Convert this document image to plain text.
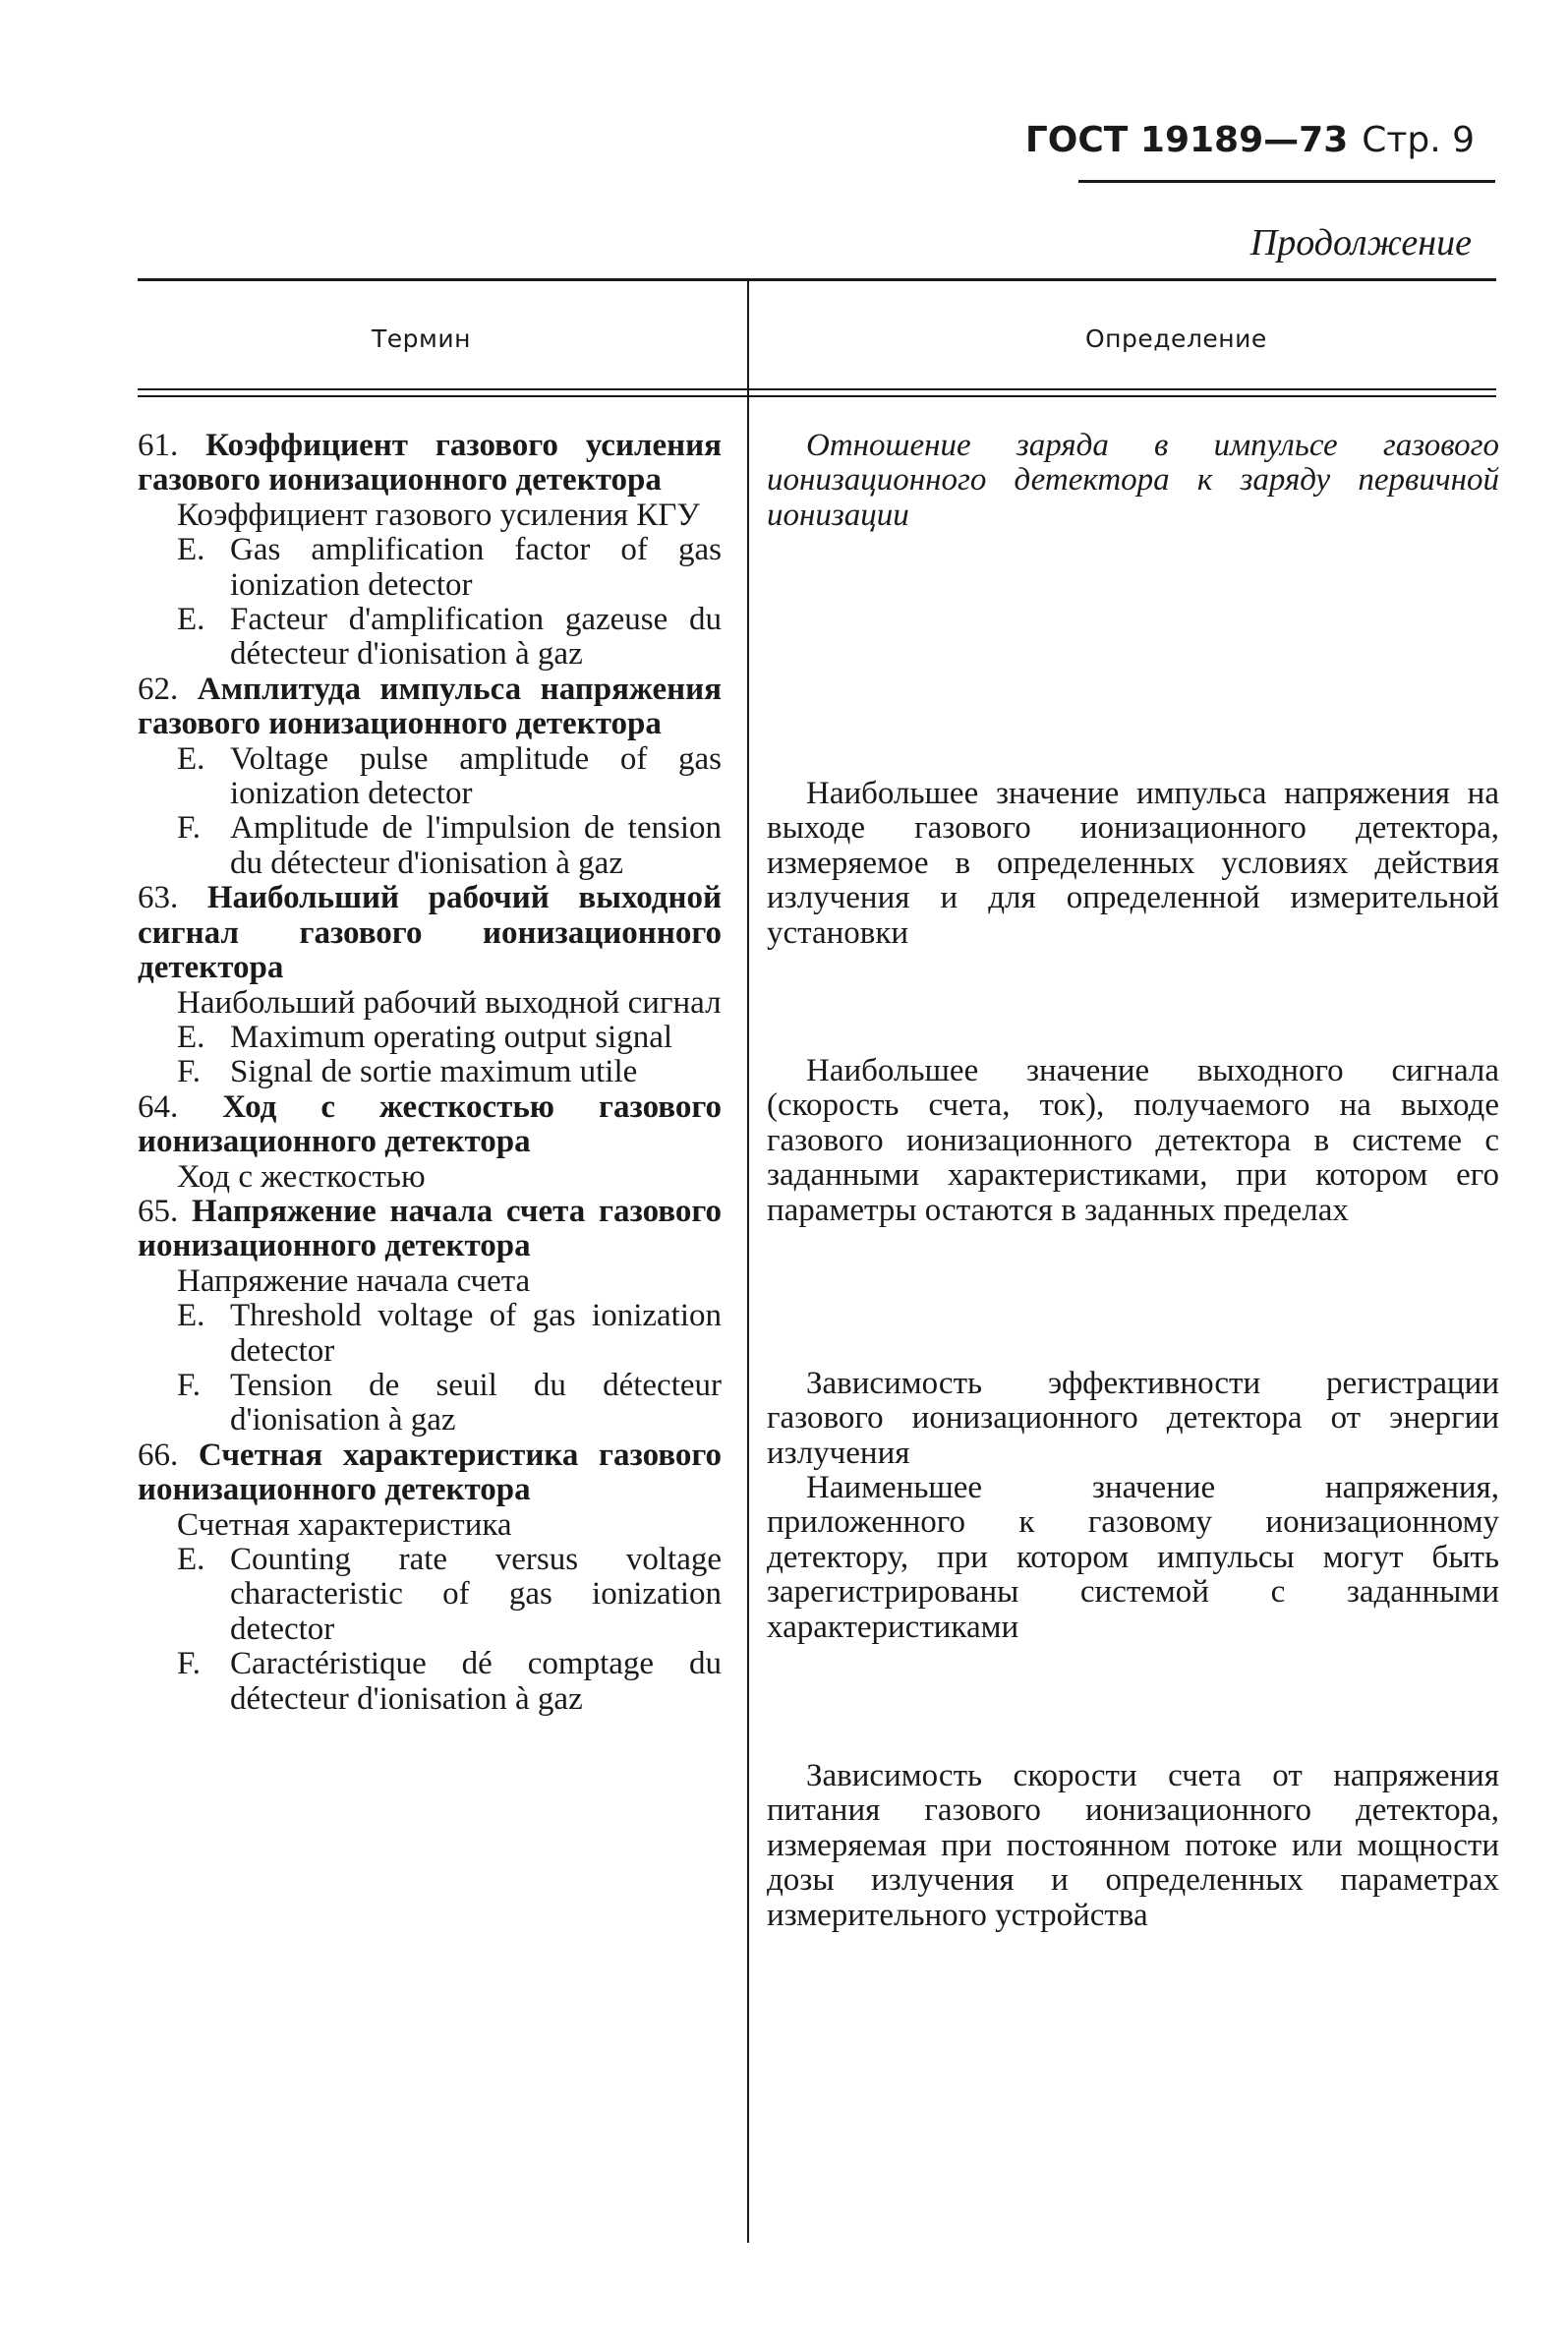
ГОСТ 19189—73 Стр. 9
Продолжение
Термин	Определение
61. Коэффициент газового усиления газового ионизационного детектора
Коэффициент газового усиления КГУ
E. Gas amplification factor of gas ionization detector
E. Facteur d'amplification gazeuse du détecteur d'ionisation à gaz
62. Амплитуда импульса напряжения газового ионизационного детектора
E. Voltage pulse amplitude of gas ionization detector
F. Amplitude de l'impulsion de tension du détecteur d'ionisation à gaz
63. Наибольший рабочий выходной сигнал газового ионизационного детектора
Наибольший рабочий выходной сигнал
E. Maximum operating output signal
F. Signal de sortie maximum utile
64. Ход с жесткостью газового ионизационного детектора
Ход с жесткостью
65. Напряжение начала счета газового ионизационного детектора
Напряжение начала счета
E. Threshold voltage of gas ionization detector
F. Tension de seuil du détecteur d'ionisation à gaz
66. Счетная характеристика газового ионизационного детектора
Счетная характеристика
E. Counting rate versus voltage characteristic of gas ionization detector
F. Caractéristique dé comptage du détecteur d'ionisation à gaz

Отношение заряда в импульсе газового ионизационного детектора к заряду первичной ионизации

Наибольшее значение импульса напряжения на выходе газового ионизационного детектора, измеряемое в определенных условиях действия излучения и для определенной измерительной установки

Наибольшее значение выходного сигнала (скорость счета, ток), получаемого на выходе газового ионизационного детектора в системе с заданными характеристиками, при котором его параметры остаются в заданных пределах

Зависимость эффективности регистрации газового ионизационного детектора от энергии излучения

Наименьшее значение напряжения, приложенного к газовому ионизационному детектору, при котором импульсы могут быть зарегистрированы системой с заданными характеристиками

Зависимость скорости счета от напряжения питания газового ионизационного детектора, измеряемая при постоянном потоке или мощности дозы излучения и определенных параметрах измерительного устройства
